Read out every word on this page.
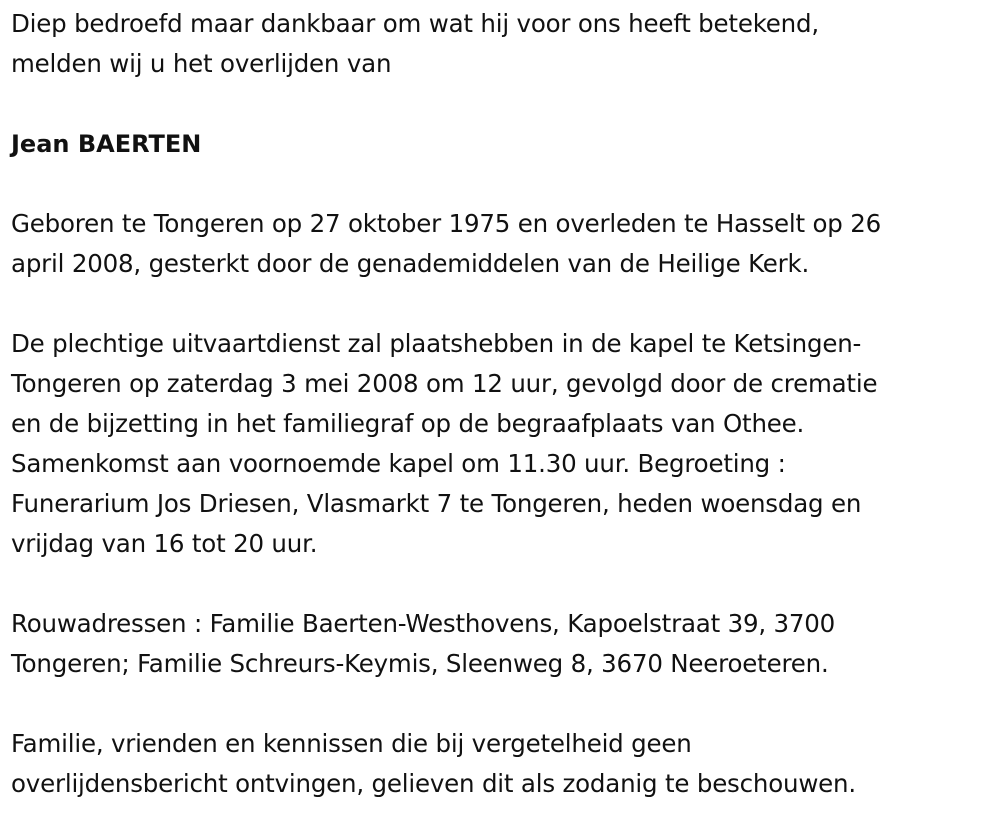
Diep bedroefd maar dankbaar om wat hij voor ons heeft betekend,

melden wij u het overlijden van

Jean BAERTEN

Geboren te Tongeren op 27 oktober 1975 en overleden te Hasselt op 26

april 2008, gesterkt door de genademiddelen van de Heilige Kerk.

De plechtige uitvaartdienst zal plaatshebben in de kapel te Ketsingen-

Tongeren op zaterdag 3 mei 2008 om 12 uur, gevolgd door de crematie

en de bijzetting in het familiegraf op de begraafplaats van Othee.

Samenkomst aan voornoemde kapel om 11.30 uur. Begroeting :

Funerarium Jos Driesen, Vlasmarkt 7 te Tongeren, heden woensdag en

vrijdag van 16 tot 20 uur.

Rouwadressen : Familie Baerten-Westhovens, Kapoelstraat 39, 3700

Tongeren; Familie Schreurs-Keymis, Sleenweg 8, 3670 Neeroeteren.

Familie, vrienden en kennissen die bij vergetelheid geen

overlijdensbericht ontvingen, gelieven dit als zodanig te beschouwen.
